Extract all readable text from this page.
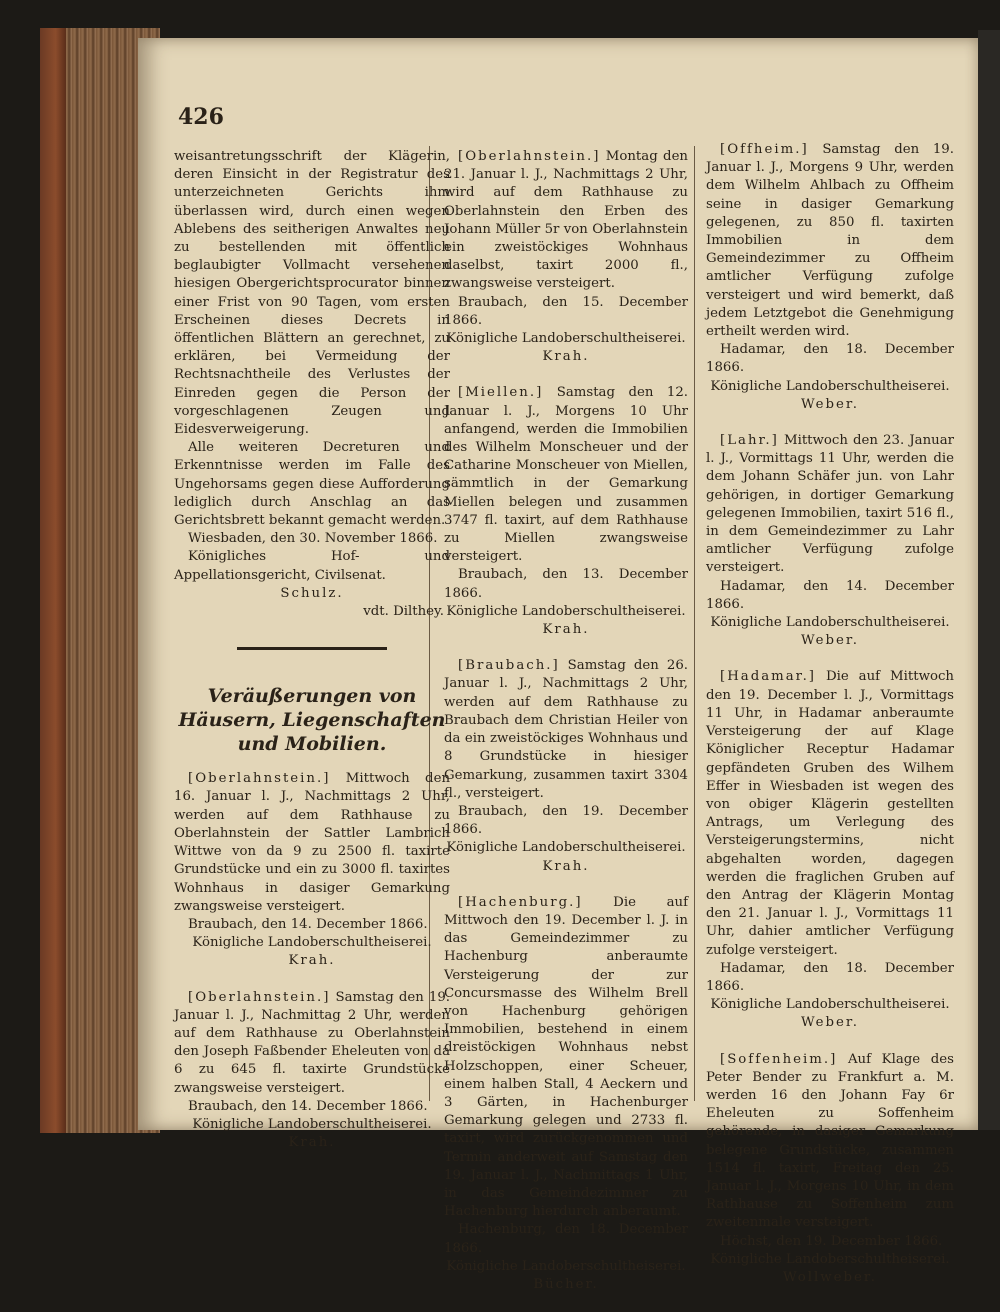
426

weisantretungsschrift der Klägerin, deren Einsicht in der Registratur des unterzeichneten Gerichts ihm überlassen wird, durch einen wegen Ablebens des seitherigen Anwaltes neu zu bestellenden mit öffentlich beglaubigter Vollmacht versehenen hiesigen Obergerichtsprocurator binnen einer Frist von 90 Tagen, vom ersten Erscheinen dieses Decrets in öffentlichen Blättern an gerechnet, zu erklären, bei Vermeidung der Rechtsnachtheile des Verlustes der Einreden gegen die Person der vorgeschlagenen Zeugen und Eidesverweigerung.

Alle weiteren Decreturen und Erkenntnisse werden im Falle des Ungehorsams gegen diese Aufforderung lediglich durch Anschlag an das Gerichtsbrett bekannt gemacht werden.

Wiesbaden, den 30. November 1866.

Königliches Hof- und Appellationsgericht, Civilsenat.

Schulz.

vdt. Dilthey.

Veräußerungen von Häusern, Liegenschaften und Mobilien.

[Oberlahnstein.] Mittwoch den 16. Januar l. J., Nachmittags 2 Uhr, werden auf dem Rathhause zu Oberlahnstein der Sattler Lambrich Wittwe von da 9 zu 2500 fl. taxirte Grundstücke und ein zu 3000 fl. taxirtes Wohnhaus in dasiger Gemarkung zwangsweise versteigert.

Braubach, den 14. December 1866.

Königliche Landoberschultheiserei.

Krah.

[Oberlahnstein.] Samstag den 19. Januar l. J., Nachmittag 2 Uhr, werden auf dem Rathhause zu Oberlahnstein den Joseph Faßbender Eheleuten von da 6 zu 645 fl. taxirte Grundstücke zwangsweise versteigert.

Braubach, den 14. December 1866.

Königliche Landoberschultheiserei.

Krah.

[Oberlahnstein.] Montag den 21. Januar l. J., Nachmittags 2 Uhr, wird auf dem Rathhause zu Oberlahnstein den Erben des Johann Müller 5r von Oberlahnstein ein zweistöckiges Wohnhaus daselbst, taxirt 2000 fl., zwangsweise versteigert.

Braubach, den 15. December 1866.

Königliche Landoberschultheiserei.

Krah.

[Miellen.] Samstag den 12. Januar l. J., Morgens 10 Uhr anfangend, werden die Immobilien des Wilhelm Monscheuer und der Catharine Monscheuer von Miellen, sämmtlich in der Gemarkung Miellen belegen und zusammen 3747 fl. taxirt, auf dem Rathhause zu Miellen zwangsweise versteigert.

Braubach, den 13. December 1866.

Königliche Landoberschultheiserei.

Krah.

[Braubach.] Samstag den 26. Januar l. J., Nachmittags 2 Uhr, werden auf dem Rathhause zu Braubach dem Christian Heiler von da ein zweistöckiges Wohnhaus und 8 Grundstücke in hiesiger Gemarkung, zusammen taxirt 3304 fl., versteigert.

Braubach, den 19. December 1866.

Königliche Landoberschultheiserei.

Krah.

[Hachenburg.] Die auf Mittwoch den 19. December l. J. in das Gemeindezimmer zu Hachenburg anberaumte Versteigerung der zur Concursmasse des Wilhelm Brell von Hachenburg gehörigen Immobilien, bestehend in einem dreistöckigen Wohnhaus nebst Holzschoppen, einer Scheuer, einem halben Stall, 4 Aeckern und 3 Gärten, in Hachenburger Gemarkung gelegen und 2733 fl. taxirt, wird zurückgenommen und Termin anderweit auf Samstag den 19. Januar l. J., Nachmittags 1 Uhr, in das Gemeindezimmer zu Hachenburg hierdurch anberaumt.

Hachenburg, den 18. December 1866.

Königliche Landoberschultheiserei.

Bücher.

[Offheim.] Samstag den 19. Januar l. J., Morgens 9 Uhr, werden dem Wilhelm Ahlbach zu Offheim seine in dasiger Gemarkung gelegenen, zu 850 fl. taxirten Immobilien in dem Gemeindezimmer zu Offheim amtlicher Verfügung zufolge versteigert und wird bemerkt, daß jedem Letztgebot die Genehmigung ertheilt werden wird.

Hadamar, den 18. December 1866.

Königliche Landoberschultheiserei.

Weber.

[Lahr.] Mittwoch den 23. Januar l. J., Vormittags 11 Uhr, werden die dem Johann Schäfer jun. von Lahr gehörigen, in dortiger Gemarkung gelegenen Immobilien, taxirt 516 fl., in dem Gemeindezimmer zu Lahr amtlicher Verfügung zufolge versteigert.

Hadamar, den 14. December 1866.

Königliche Landoberschultheiserei.

Weber.

[Hadamar.] Die auf Mittwoch den 19. December l. J., Vormittags 11 Uhr, in Hadamar anberaumte Versteigerung der auf Klage Königlicher Receptur Hadamar gepfändeten Gruben des Wilhem Effer in Wiesbaden ist wegen des von obiger Klägerin gestellten Antrags, um Verlegung des Versteigerungstermins, nicht abgehalten worden, dagegen werden die fraglichen Gruben auf den Antrag der Klägerin Montag den 21. Januar l. J., Vormittags 11 Uhr, dahier amtlicher Verfügung zufolge versteigert.

Hadamar, den 18. December 1866.

Königliche Landoberschultheiserei.

Weber.

[Soffenheim.] Auf Klage des Peter Bender zu Frankfurt a. M. werden 16 den Johann Fay 6r Eheleuten zu Soffenheim gehörende, in dasiger Gemarkung belegene Grundstücke, zusammen 1514 fl. taxirt, Freitag den 25. Januar l. J., Morgens 10 Uhr, in dem Rathhause zu Soffenheim zum zweitenmale versteigert.

Höchst, den 19. December 1866.

Königliche Landoberschultheiserei.

Wollweber.
